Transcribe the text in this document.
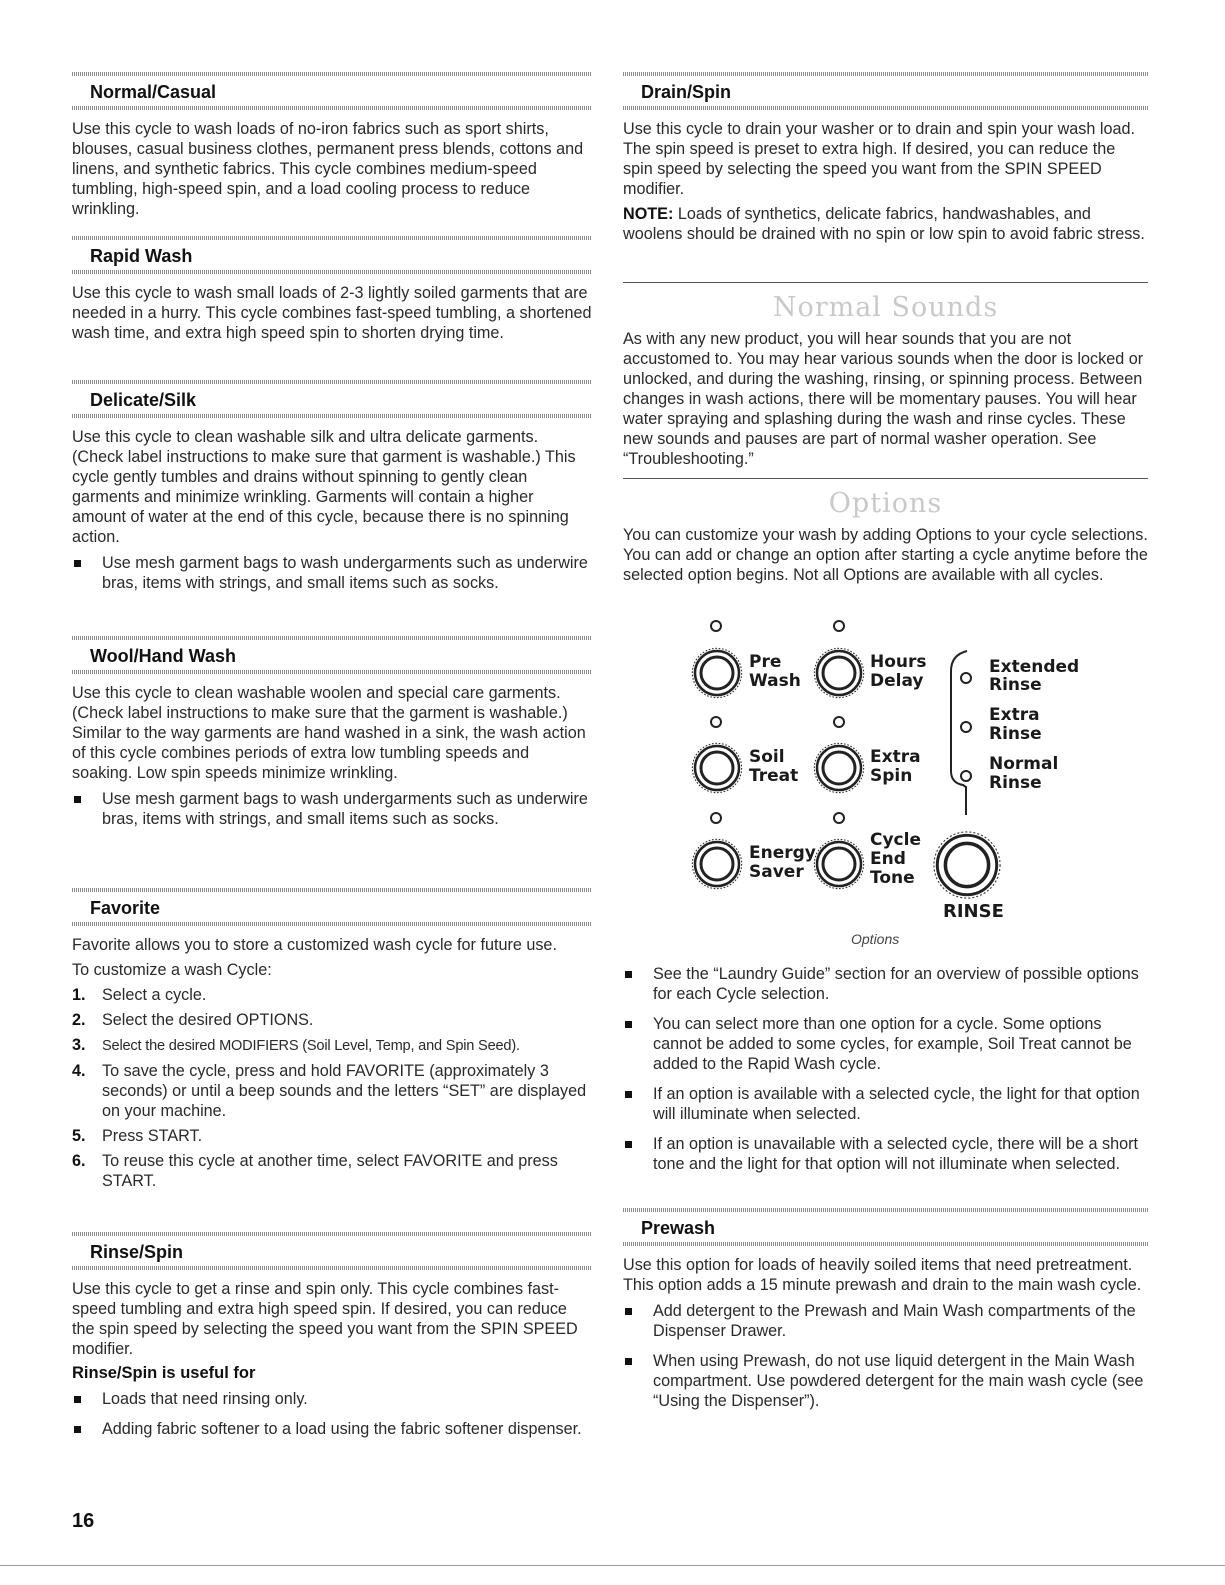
Normal/Casual

Use this cycle to wash loads of no-iron fabrics such as sport shirts, blouses, casual business clothes, permanent press blends, cottons and linens, and synthetic fabrics. This cycle combines medium-speed tumbling, high-speed spin, and a load cooling process to reduce wrinkling.

Rapid Wash

Use this cycle to wash small loads of 2-3 lightly soiled garments that are needed in a hurry. This cycle combines fast-speed tumbling, a shortened wash time, and extra high speed spin to shorten drying time.

Delicate/Silk

Use this cycle to clean washable silk and ultra delicate garments. (Check label instructions to make sure that garment is washable.) This cycle gently tumbles and drains without spinning to gently clean garments and minimize wrinkling. Garments will contain a higher amount of water at the end of this cycle, because there is no spinning action.

Use mesh garment bags to wash undergarments such as underwire bras, items with strings, and small items such as socks.
Wool/Hand Wash

Use this cycle to clean washable woolen and special care garments. (Check label instructions to make sure that the garment is washable.) Similar to the way garments are hand washed in a sink, the wash action of this cycle combines periods of extra low tumbling speeds and soaking. Low spin speeds minimize wrinkling.

Use mesh garment bags to wash undergarments such as underwire bras, items with strings, and small items such as socks.
Favorite

Favorite allows you to store a customized wash cycle for future use.

To customize a wash Cycle:

1. Select a cycle.
2. Select the desired OPTIONS.
3. Select the desired MODIFIERS (Soil Level, Temp, and Spin Seed).
4. To save the cycle, press and hold FAVORITE (approximately 3 seconds) or until a beep sounds and the letters “SET” are displayed on your machine.
5. Press START.
6. To reuse this cycle at another time, select FAVORITE and press START.
Rinse/Spin

Use this cycle to get a rinse and spin only. This cycle combines fast-speed tumbling and extra high speed spin. If desired, you can reduce the spin speed by selecting the speed you want from the SPIN SPEED modifier.

Rinse/Spin is useful for
Loads that need rinsing only.
Adding fabric softener to a load using the fabric softener dispenser.
Drain/Spin

Use this cycle to drain your washer or to drain and spin your wash load. The spin speed is preset to extra high. If desired, you can reduce the spin speed by selecting the speed you want from the SPIN SPEED modifier.

NOTE: Loads of synthetics, delicate fabrics, handwashables, and woolens should be drained with no spin or low spin to avoid fabric stress.

Normal Sounds

As with any new product, you will hear sounds that you are not accustomed to. You may hear various sounds when the door is locked or unlocked, and during the washing, rinsing, or spinning process. Between changes in wash actions, there will be momentary pauses. You will hear water spraying and splashing during the wash and rinse cycles. These new sounds and pauses are part of normal washer operation. See “Troubleshooting.”

Options

You can customize your wash by adding Options to your cycle selections. You can add or change an option after starting a cycle anytime before the selected option begins. Not all Options are available with all cycles.

Pre
Wash
Hours
Delay
Soil
Treat
Extra
Spin
Energy
Saver
Cycle
End
Tone
Extended
Rinse
Extra
Rinse
Normal
Rinse
RINSE
Options
See the “Laundry Guide” section for an overview of possible options for each Cycle selection.
You can select more than one option for a cycle. Some options cannot be added to some cycles, for example, Soil Treat cannot be added to the Rapid Wash cycle.
If an option is available with a selected cycle, the light for that option will illuminate when selected.
If an option is unavailable with a selected cycle, there will be a short tone and the light for that option will not illuminate when selected.
Prewash

Use this option for loads of heavily soiled items that need pretreatment. This option adds a 15 minute prewash and drain to the main wash cycle.

Add detergent to the Prewash and Main Wash compartments of the Dispenser Drawer.
When using Prewash, do not use liquid detergent in the Main Wash compartment. Use powdered detergent for the main wash cycle (see “Using the Dispenser”).
16
